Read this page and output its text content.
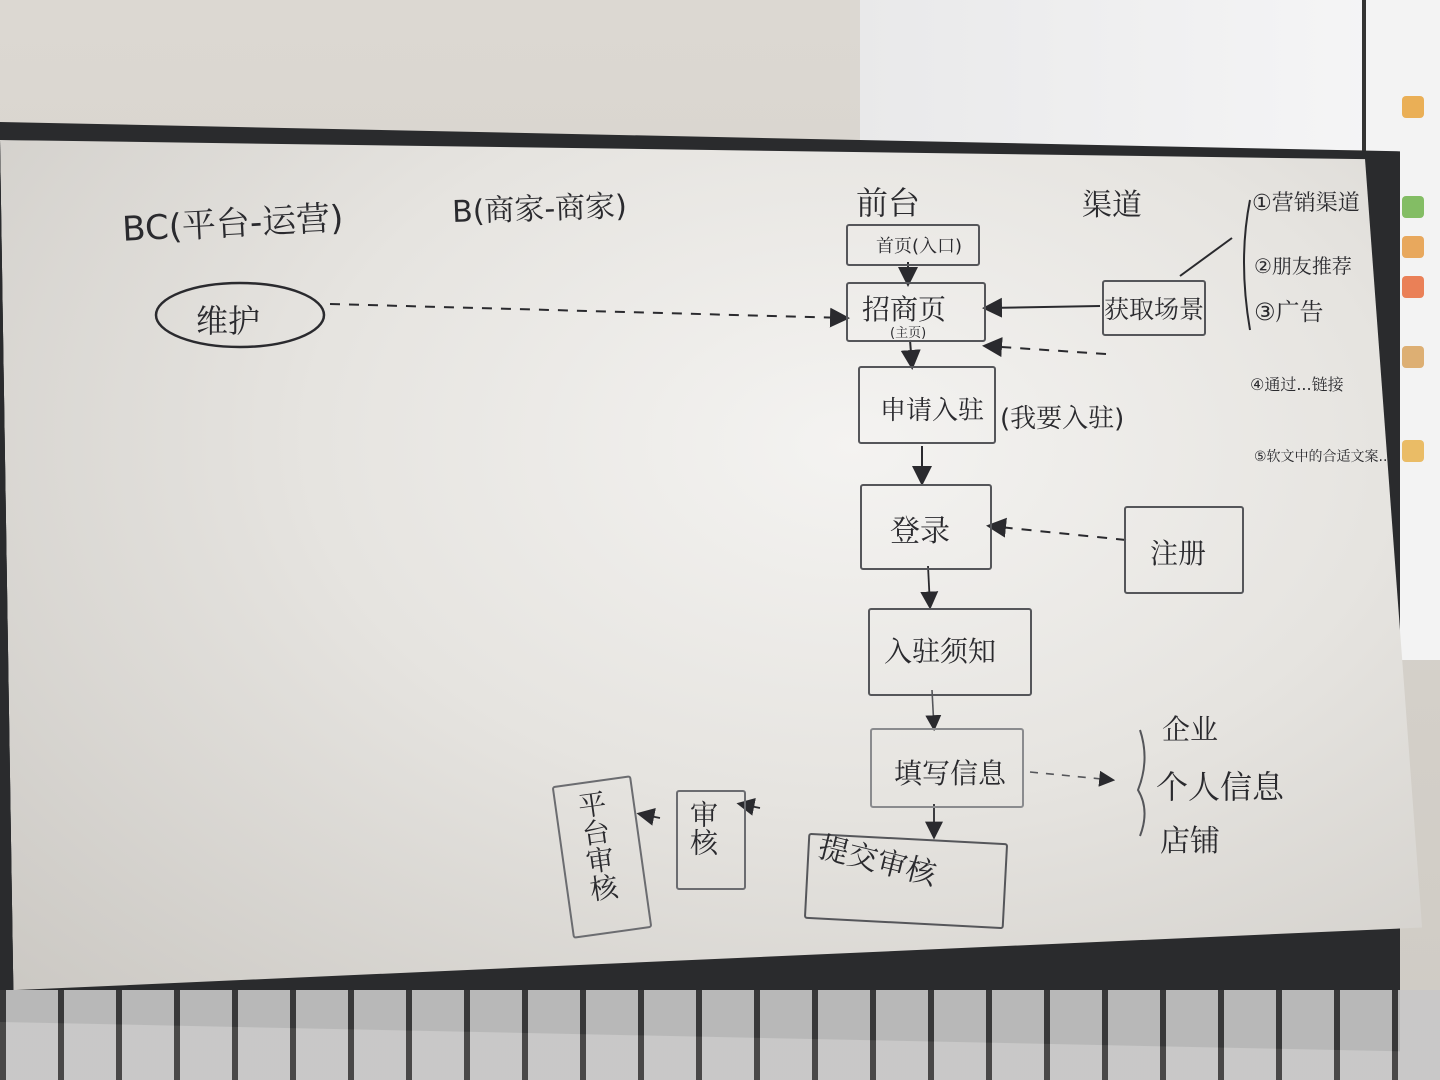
BC(平台-运营)	B(商家-商家)	前台	渠道
维护
首页(入口)
招商页
(主页)
获取场景
申请入驻 (我要入驻)
登录
注册
入驻须知
填写信息
提交审核
①营销渠道
②朋友推荐
③广告
④通过...链接
⑤软文中的合适文案...
企业
个人信息
店铺
审核
平台审核
